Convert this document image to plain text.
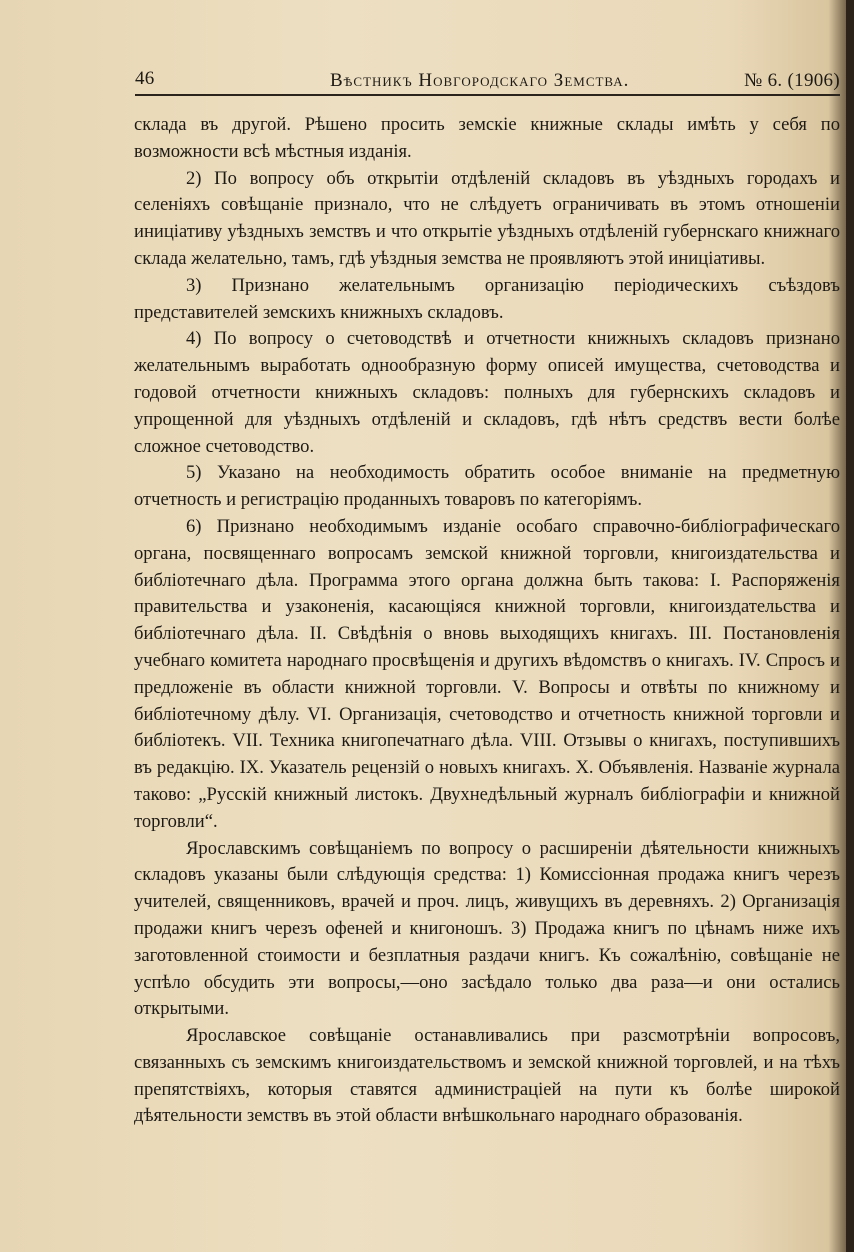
46	Вѣстникъ Новгородскаго Земства.	№ 6. (1906)

склада въ другой. Рѣшено просить земскіе книжные склады имѣть у себя по возможности всѣ мѣстныя изданія.

2) По вопросу объ открытіи отдѣленій складовъ въ уѣздныхъ городахъ и селеніяхъ совѣщаніе признало, что не слѣдуетъ ограничивать въ этомъ отношеніи иниціативу уѣздныхъ земствъ и что открытіе уѣздныхъ отдѣленій губернскаго книжнаго склада желательно, тамъ, гдѣ уѣздныя земства не проявляютъ этой иниціативы.

3) Признано желательнымъ организацію періодическихъ съѣздовъ представителей земскихъ книжныхъ складовъ.

4) По вопросу о счетоводствѣ и отчетности книжныхъ складовъ признано желательнымъ выработать однообразную форму описей имущества, счетоводства и годовой отчетности книжныхъ складовъ: полныхъ для губернскихъ складовъ и упрощенной для уѣздныхъ отдѣленій и складовъ, гдѣ нѣтъ средствъ вести болѣе сложное счетоводство.

5) Указано на необходимость обратить особое вниманіе на предметную отчетность и регистрацію проданныхъ товаровъ по категоріямъ.

6) Признано необходимымъ изданіе особаго справочно-библіографическаго органа, посвященнаго вопросамъ земской книжной торговли, книгоиздательства и библіотечнаго дѣла. Программа этого органа должна быть такова: I. Распоряженія правительства и узаконенія, касающіяся книжной торговли, книгоиздательства и библіотечнаго дѣла. II. Свѣдѣнія о вновь выходящихъ книгахъ. III. Постановленія учебнаго комитета народнаго просвѣщенія и другихъ вѣдомствъ о книгахъ. IV. Спросъ и предложеніе въ области книжной торговли. V. Вопросы и отвѣты по книжному и библіотечному дѣлу. VI. Организація, счетоводство и отчетность книжной торговли и библіотекъ. VII. Техника книгопечатнаго дѣла. VIII. Отзывы о книгахъ, поступившихъ въ редакцію. IX. Указатель рецензій о новыхъ книгахъ. X. Объявленія. Названіе журнала таково: „Русскій книжный листокъ. Двухнедѣльный журналъ библіографіи и книжной торговли“.

Ярославскимъ совѣщаніемъ по вопросу о расширеніи дѣятельности книжныхъ складовъ указаны были слѣдующія средства: 1) Комиссіонная продажа книгъ черезъ учителей, священниковъ, врачей и проч. лицъ, живущихъ въ деревняхъ. 2) Организація продажи книгъ черезъ офеней и книгоношъ. 3) Продажа книгъ по цѣнамъ ниже ихъ заготовленной стоимости и безплатныя раздачи книгъ. Къ сожалѣнію, совѣщаніе не успѣло обсудить эти вопросы,—оно засѣдало только два раза—и они остались открытыми.

Ярославское совѣщаніе останавливались при разсмотрѣніи вопросовъ, связанныхъ съ земскимъ книгоиздательствомъ и земской книжной торговлей, и на тѣхъ препятствіяхъ, которыя ставятся администраціей на пути къ болѣе широкой дѣятельности земствъ въ этой области внѣшкольнаго народнаго образованія.
